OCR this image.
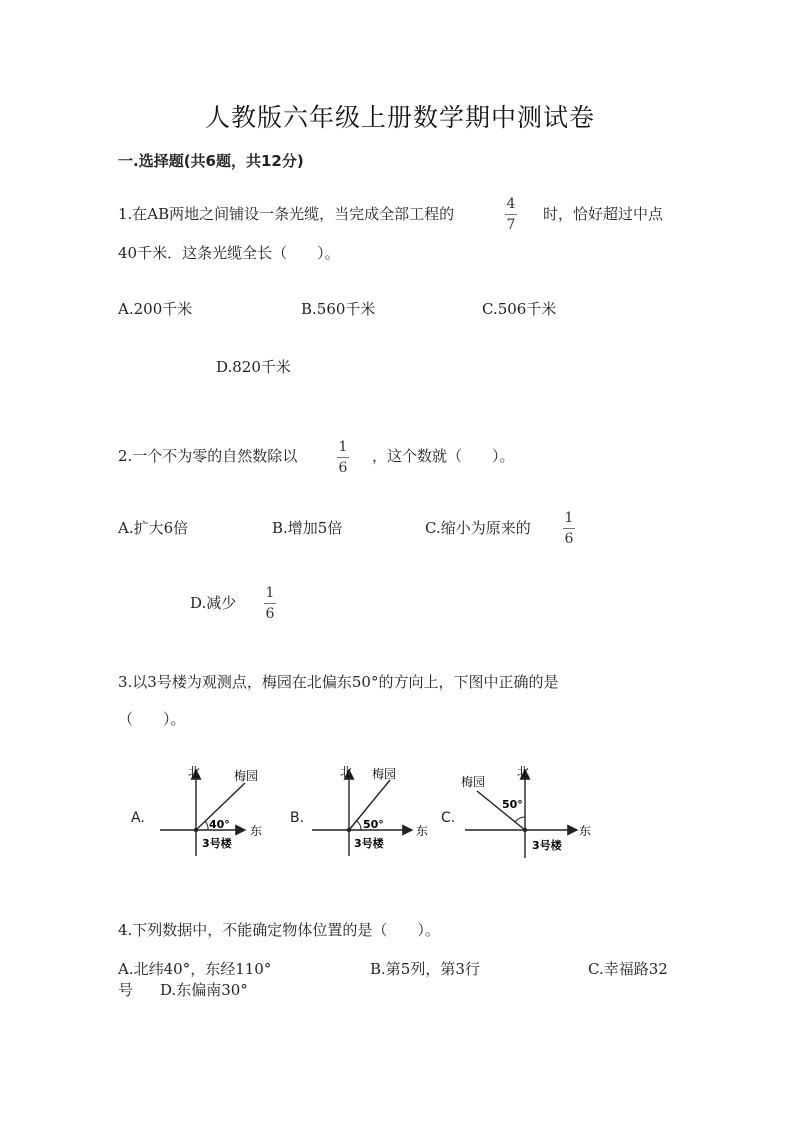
人教版六年级上册数学期中测试卷
一.选择题(共6题，共12分)
1.在AB两地之间铺设一条光缆，当完成全部工程的
4
7
时，恰好超过中点
40千米．这条光缆全长（　　）。
A.200千米	B.560千米	C.506千米
D.820千米
2.一个不为零的自然数除以	1
6
，这个数就（　　）。
A.扩大6倍	B.增加5倍	C.缩小为原来的
1
6
D.减少
1
6
3.以3号楼为观测点，梅园在北偏东50°的方向上，下图中正确的是
（　　）。
A.
北
东
梅园
40°
3号楼
B.
北
东
梅园
50°
3号楼
C.
北
东
梅园
50°
3号楼
4.下列数据中，不能确定物体位置的是（　　）。
A.北纬40°，东经110°	B.第5列，第3行	C.幸福路32
号 D.东偏南30°
